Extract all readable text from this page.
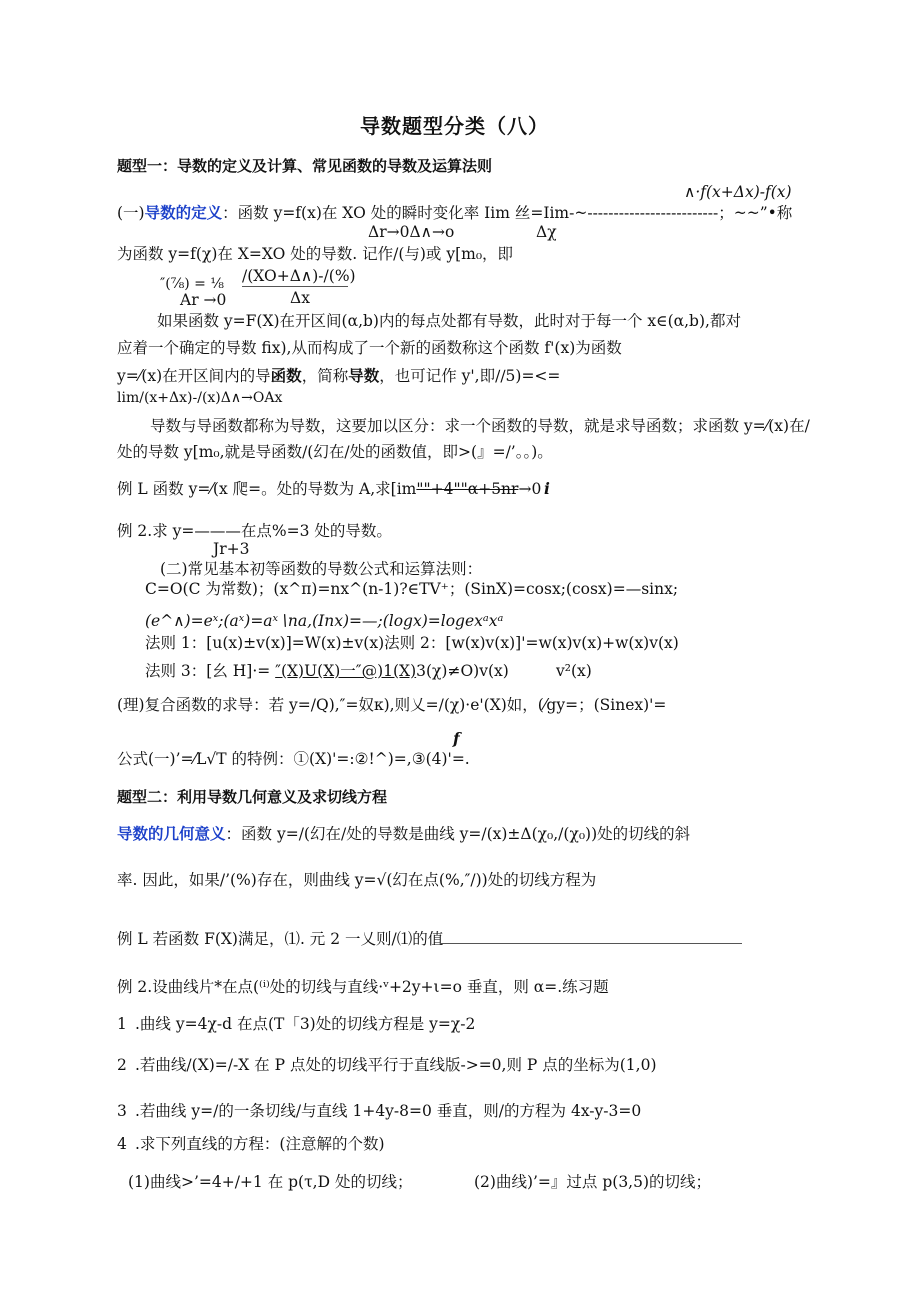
导数题型分类（八）
题型一：导数的定义及计算、常见函数的导数及运算法则
∧·f(x+Δx)-f(x)
(一)导数的定义：函数 y=f(x)在 XO 处的瞬时变化率 Iim 丝=Iim-~-------------------------；~~”•称
Δr→0Δ∧→o	Δχ
为函数 y=f(χ)在 X=XO 处的导数. 记作/(与)或 y[m₀，即
/(XO+Δ∧)-/(%)
″(⅞) = ⅛
Δx
Ar →0
如果函数 y=F(X)在开区间(α,b)内的每点处都有导数，此时对于每一个 x∈(α,b),都对
应着一个确定的导数 fix),从而构成了一个新的函数称这个函数 f'(x)为函数
y=⁄(x)在开区间内的导函数，简称导数，也可记作 y',即∕∕5)=<=
lim/(x+Δx)-/(x)Δ∧→OAx
导数与导函数都称为导数，这要加以区分：求一个函数的导数，就是求导函数；求函数 y=⁄(x)在/
处的导数 y[m₀,就是导函数/(幻在/处的函数值，即>(』=/’。。)。
例 L 函数 y=⁄(x 爬=。处的导数为 A,求[im""+4""α+5nr→0 i
例 2.求 y=———在点%=3 处的导数。
Jr+3
(二)常见基本初等函数的导数公式和运算法则：
C=O(C 为常数)；(x^π)=nx^(n-1)?∈TV⁺；(SinX)=cosx;(cosx)=—sinx;
(e^∧)=eˣ;(aˣ)=aˣ∖na,(Inx)=—;(logx)=logexᵃxᵃ
法则 1：[u(x)±v(x)]=W(x)±v(x)法则 2：[w(x)v(x)]'=w(x)v(x)+w(x)v(x)
法则 3：[幺 H]·= ″(X)U(X)一″@)1(X)3(χ)≠O)v(x)	v²(x)
(理)复合函数的求导：若 y=/Q),″=奴κ),则乂=/(χ)·e'(X)如，(⁄gy=；(Sinex)'=
f
公式(一)’=⁄L√T 的特例：①(X)'=:②!^)=,③(4)'=.
题型二：利用导数几何意义及求切线方程
导数的几何意义：函数 y=/(幻在/处的导数是曲线 y=/(x)±Δ(χ₀,/(χ₀))处的切线的斜
率. 因此，如果/’(%)存在，则曲线 y=√(幻在点(%,″/))处的切线方程为
例 L 若函数 F(X)满足，⑴. 元 2 一乂则/⑴的值
例 2.设曲线片*在点(⁽ⁱ⁾处的切线与直线·ᵛ+2y+ι=o 垂直，则 α=.练习题
1 .曲线 y=4χ-d 在点(T「3)处的切线方程是 y=χ-2
2 .若曲线/(X)=/-X 在 P 点处的切线平行于直线版->=0,则 P 点的坐标为(1,0)
3 .若曲线 y=/的一条切线/与直线 1+4y-8=0 垂直，则/的方程为 4x-y-3=0
4 .求下列直线的方程：(注意解的个数)
(1)曲线>’=4+/+1 在 p(τ,D 处的切线；	(2)曲线)’=』过点 p(3,5)的切线；
